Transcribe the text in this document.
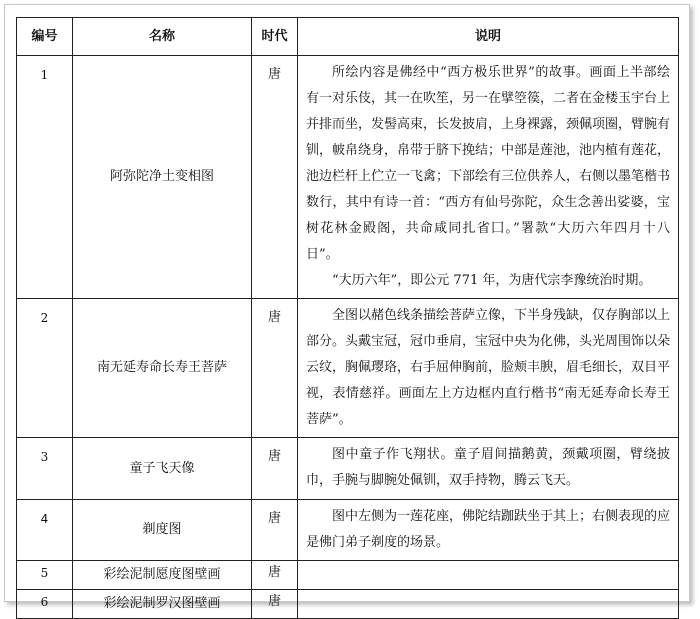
编号	名称	时代	说明
1	阿弥陀净土变相图	唐	所绘内容是佛经中“西方极乐世界”的故事。画面上半部绘有一对乐伎，其一在吹笙，另一在擘箜篌，二者在金楼玉宇台上并排而坐，发髻高束，长发披肩，上身裸露，颈佩项圈，臂腕有钏，帔帛绕身，帛带于脐下挽结；中部是莲池，池内植有莲花，池边栏杆上伫立一飞禽；下部绘有三位供养人，右侧以墨笔楷书数行，其中有诗一首：“西方有仙号弥陀，众生念善出娑婆，宝树花林金殿阁，共命咸同扎省囗。”署款“大历六年四月十八日”。

“大历六年”，即公元 771 年，为唐代宗李豫统治时期。

2	南无延寿命长寿王菩萨	唐	全图以赭色线条描绘菩萨立像，下半身残缺，仅存胸部以上部分。头戴宝冠，冠巾垂肩，宝冠中央为化佛，头光周围饰以朵云纹，胸佩璎珞，右手屈伸胸前，脸颊丰腴，眉毛细长，双目平视，表情慈祥。画面左上方边框内直行楷书“南无延寿命长寿王菩萨”。

3	童子飞天像	唐	图中童子作飞翔状。童子眉间描鹅黄，颈戴项圈，臂绕披巾，手腕与脚腕处佩钏，双手持物，腾云飞天。

4	剃度图	唐	图中左侧为一莲花座，佛陀结跏趺坐于其上；右侧表现的应是佛门弟子剃度的场景。

5	彩绘泥制愿度图壁画	唐	
6	彩绘泥制罗汉图壁画	唐	
